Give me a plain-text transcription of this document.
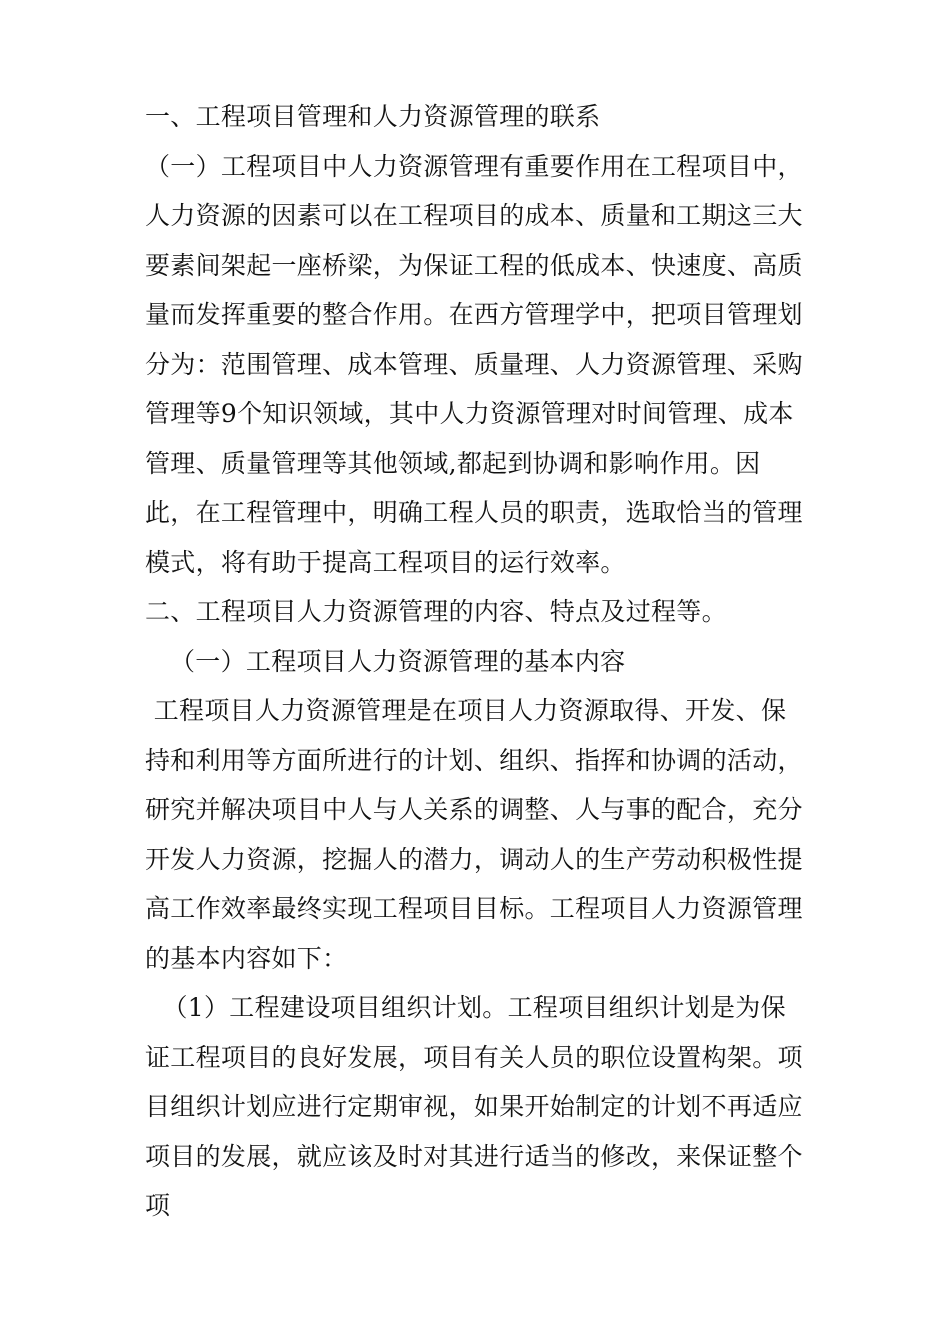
一、工程项目管理和人力资源管理的联系

（一）工程项目中人力资源管理有重要作用在工程项目中，人力资源的因素可以在工程项目的成本、质量和工期这三大要素间架起一座桥梁，为保证工程的低成本、快速度、高质量而发挥重要的整合作用。在西方管理学中，把项目管理划分为：范围管理、成本管理、质量理、人力资源管理、采购管理等9个知识领域，其中人力资源管理对时间管理、成本管理、质量管理等其他领域,都起到协调和影响作用。因此，在工程管理中，明确工程人员的职责，选取恰当的管理模式，将有助于提高工程项目的运行效率。

二、工程项目人力资源管理的内容、特点及过程等。

（一）工程项目人力资源管理的基本内容

工程项目人力资源管理是在项目人力资源取得、开发、保持和利用等方面所进行的计划、组织、指挥和协调的活动，研究并解决项目中人与人关系的调整、人与事的配合，充分开发人力资源，挖掘人的潜力，调动人的生产劳动积极性提高工作效率最终实现工程项目目标。工程项目人力资源管理的基本内容如下：

（1）工程建设项目组织计划。工程项目组织计划是为保证工程项目的良好发展，项目有关人员的职位设置构架。项目组织计划应进行定期审视，如果开始制定的计划不再适应项目的发展，就应该及时对其进行适当的修改，来保证整个项
